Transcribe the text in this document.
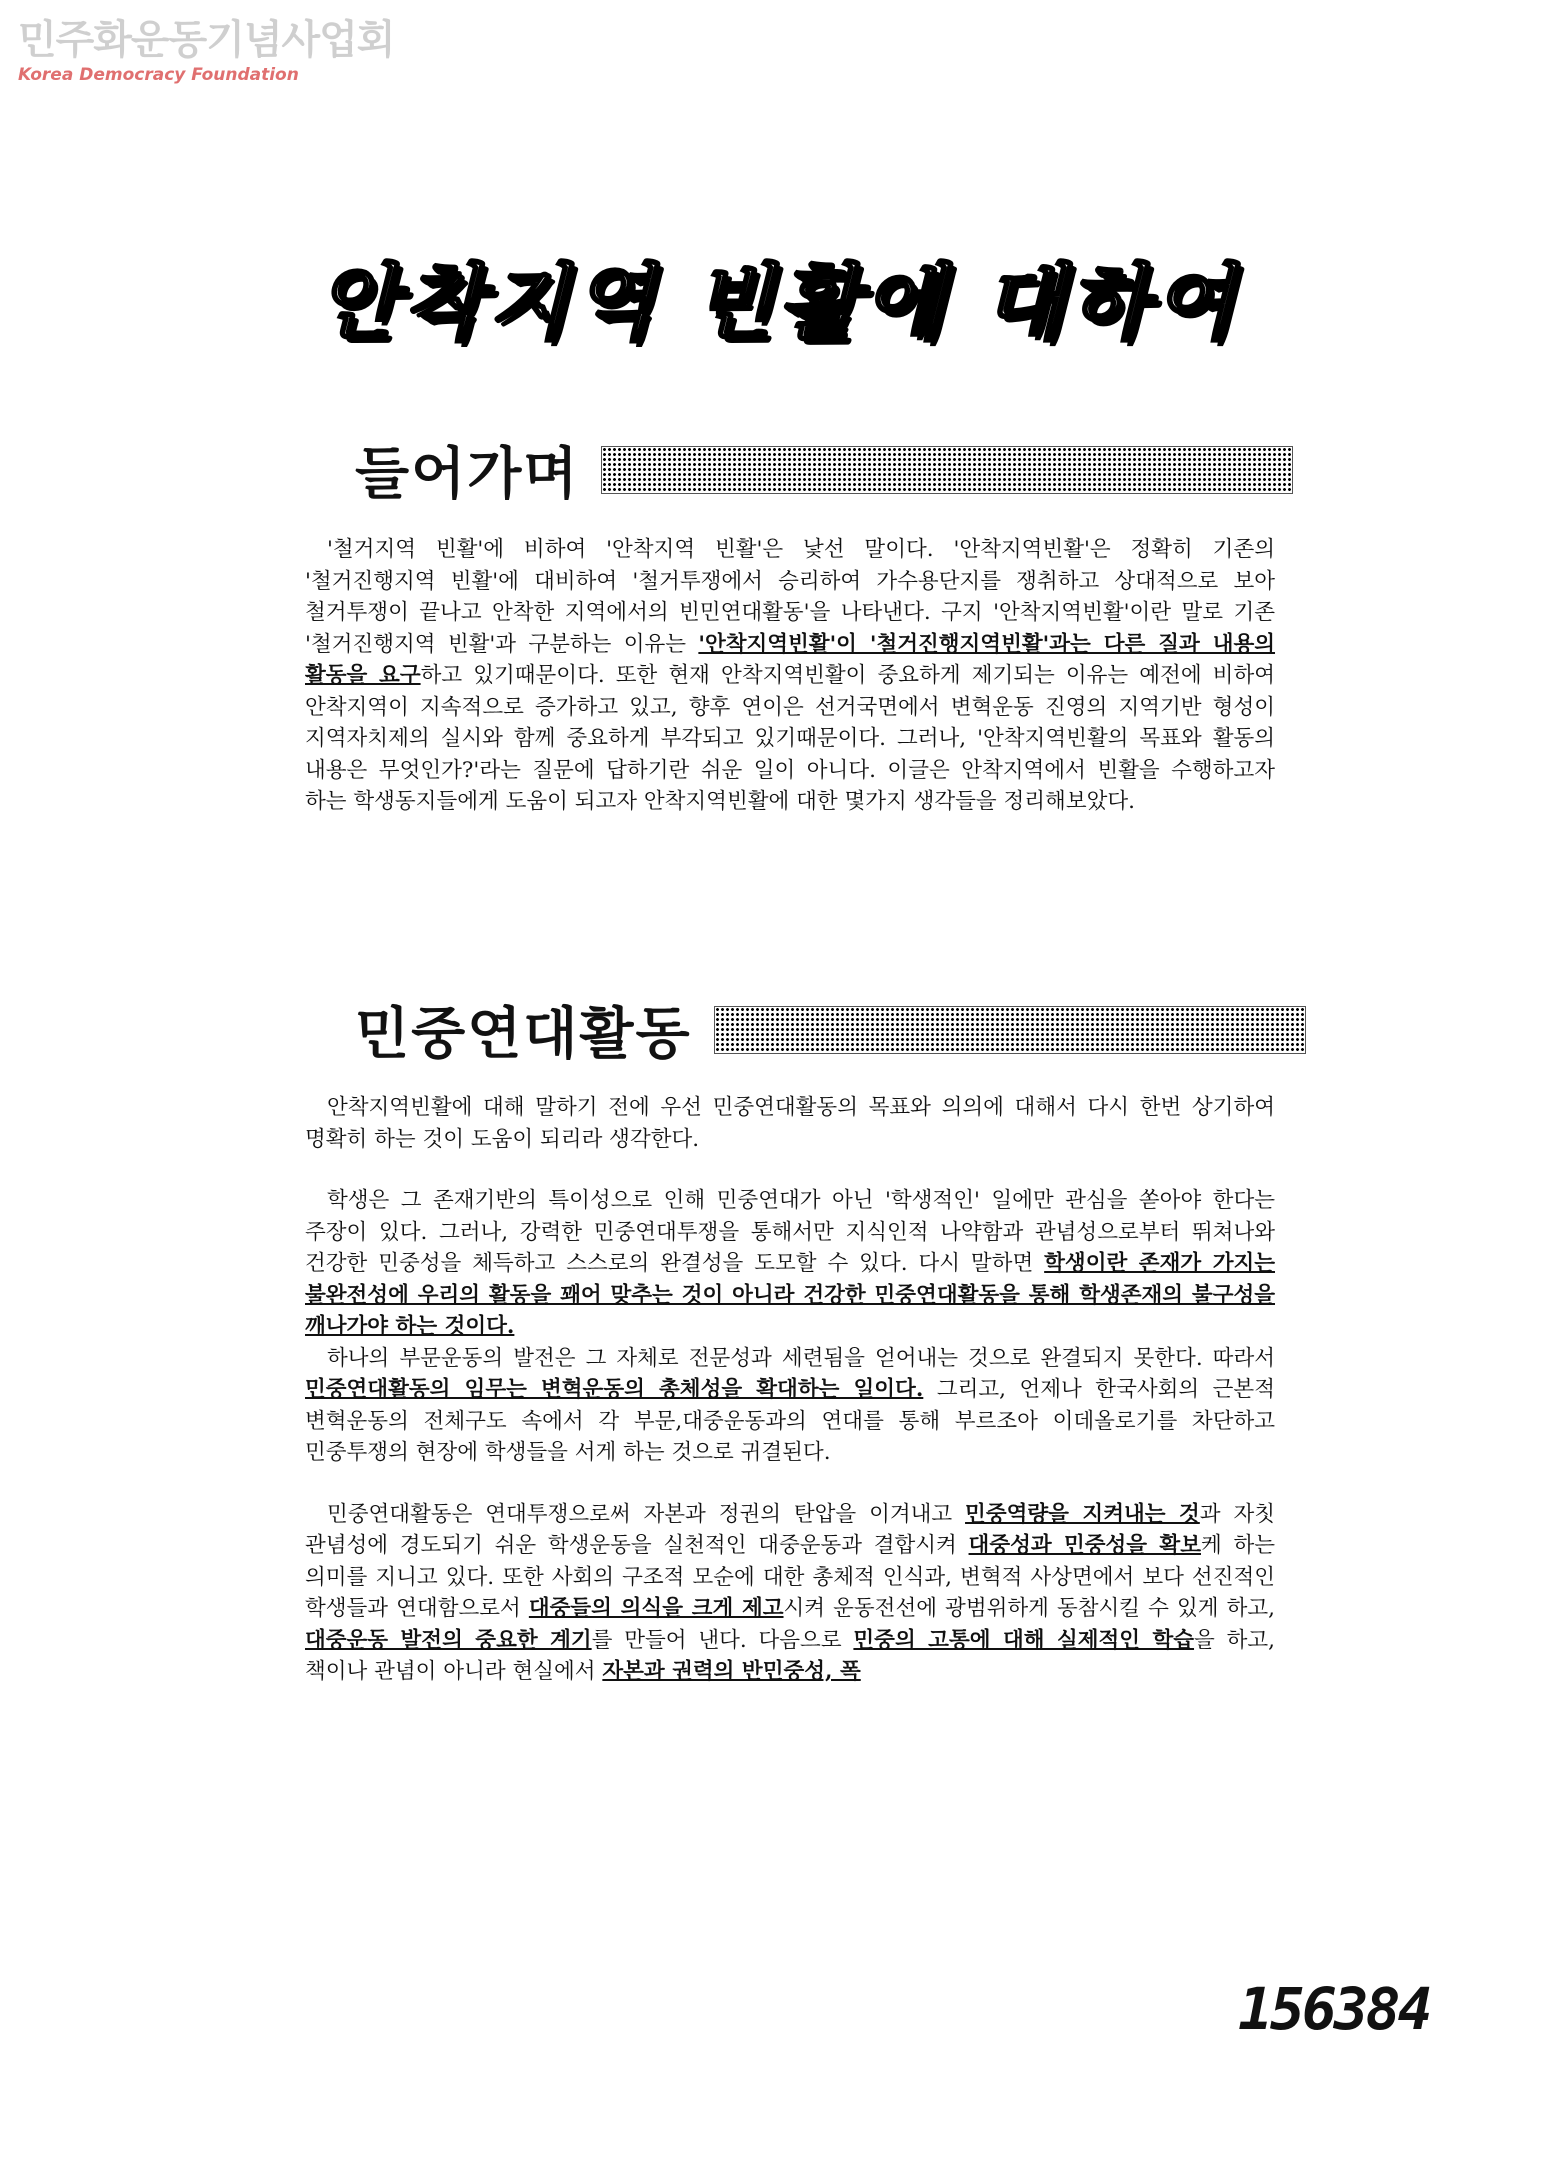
민주화운동기념사업회
Korea Democracy Foundation
안착지역 빈활에 대하여
들어가며

'철거지역 빈활'에 비하여 '안착지역 빈활'은 낯선 말이다. '안착지역빈활'은 정확히 기존의 '철거진행지역 빈활'에 대비하여 '철거투쟁에서 승리하여 가수용단지를 쟁취하고 상대적으로 보아 철거투쟁이 끝나고 안착한 지역에서의 빈민연대활동'을 나타낸다. 구지 '안착지역빈활'이란 말로 기존 '철거진행지역 빈활'과 구분하는 이유는 '안착지역빈활'이 '철거진행지역빈활'과는 다른 질과 내용의 활동을 요구하고 있기때문이다. 또한 현재 안착지역빈활이 중요하게 제기되는 이유는 예전에 비하여 안착지역이 지속적으로 증가하고 있고, 향후 연이은 선거국면에서 변혁운동 진영의 지역기반 형성이 지역자치제의 실시와 함께 중요하게 부각되고 있기때문이다. 그러나, '안착지역빈활의 목표와 활동의 내용은 무엇인가?'라는 질문에 답하기란 쉬운 일이 아니다. 이글은 안착지역에서 빈활을 수행하고자 하는 학생동지들에게 도움이 되고자 안착지역빈활에 대한 몇가지 생각들을 정리해보았다.

민중연대활동

안착지역빈활에 대해 말하기 전에 우선 민중연대활동의 목표와 의의에 대해서 다시 한번 상기하여 명확히 하는 것이 도움이 되리라 생각한다.

학생은 그 존재기반의 특이성으로 인해 민중연대가 아닌 '학생적인' 일에만 관심을 쏟아야 한다는 주장이 있다. 그러나, 강력한 민중연대투쟁을 통해서만 지식인적 나약함과 관념성으로부터 뛰쳐나와 건강한 민중성을 체득하고 스스로의 완결성을 도모할 수 있다. 다시 말하면 학생이란 존재가 가지는 불완전성에 우리의 활동을 꽤어 맞추는 것이 아니라 건강한 민중연대활동을 통해 학생존재의 불구성을 깨나가야 하는 것이다.

하나의 부문운동의 발전은 그 자체로 전문성과 세련됨을 얻어내는 것으로 완결되지 못한다. 따라서 민중연대활동의 임무는 변혁운동의 총체성을 확대하는 일이다. 그리고, 언제나 한국사회의 근본적 변혁운동의 전체구도 속에서 각 부문,대중운동과의 연대를 통해 부르조아 이데올로기를 차단하고 민중투쟁의 현장에 학생들을 서게 하는 것으로 귀결된다.

민중연대활동은 연대투쟁으로써 자본과 정권의 탄압을 이겨내고 민중역량을 지켜내는 것과 자칫 관념성에 경도되기 쉬운 학생운동을 실천적인 대중운동과 결합시켜 대중성과 민중성을 확보케 하는 의미를 지니고 있다. 또한 사회의 구조적 모순에 대한 총체적 인식과, 변혁적 사상면에서 보다 선진적인 학생들과 연대함으로서 대중들의 의식을 크게 제고시켜 운동전선에 광범위하게 동참시킬 수 있게 하고, 대중운동 발전의 중요한 계기를 만들어 낸다. 다음으로 민중의 고통에 대해 실제적인 학습을 하고, 책이나 관념이 아니라 현실에서 자본과 권력의 반민중성, 폭

156384
